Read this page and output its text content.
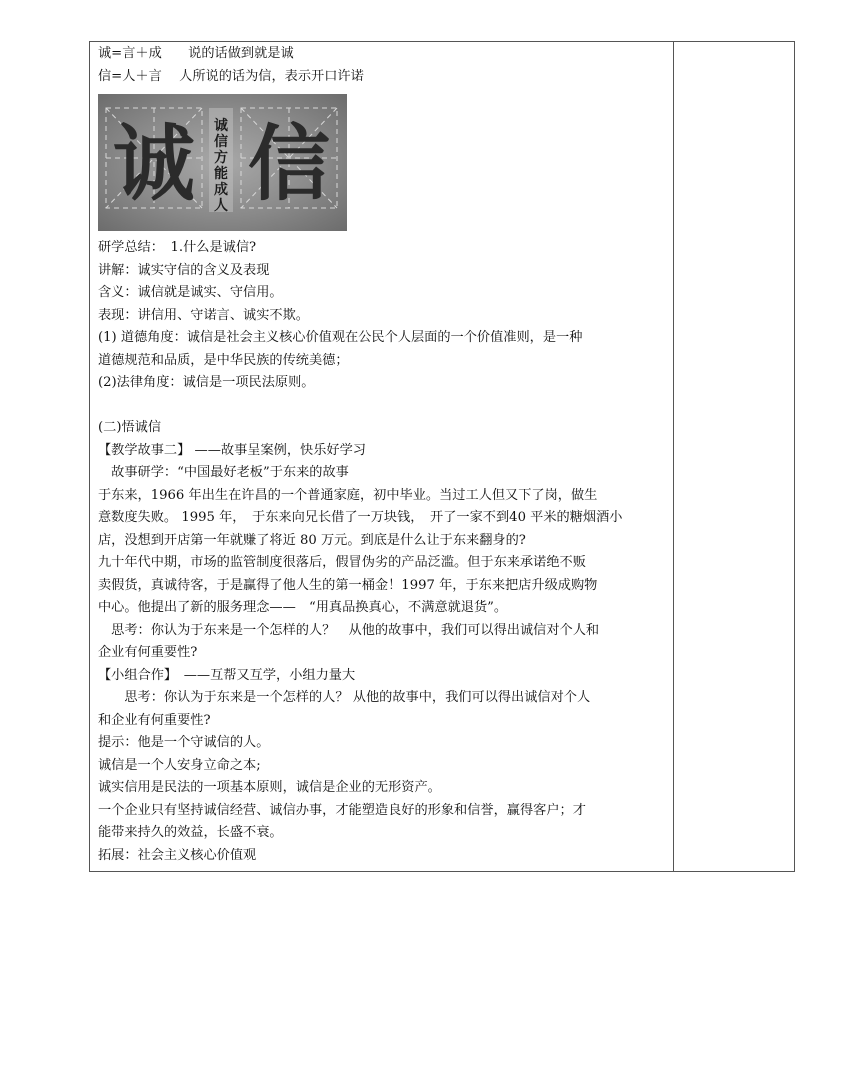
诚=言＋成　　说的话做到就是诚
信=人＋言　 人所说的话为信，表示开口许诺
诚 信
诚
信
方
能
成
人
研学总结：　1.什么是诚信?
讲解：诚实守信的含义及表现
含义：诚信就是诚实、守信用。
表现：讲信用、守诺言、诚实不欺。
(1) 道德角度：诚信是社会主义核心价值观在公民个人层面的一个价值准则，是一种
道德规范和品质，是中华民族的传统美德；
(2)法律角度：诚信是一项民法原则。
(二)悟诚信
【教学故事二】 ——故事呈案例，快乐好学习
　故事研学：“中国最好老板”于东来的故事
于东来，1966 年出生在许昌的一个普通家庭，初中毕业。当过工人但又下了岗，做生
意数度失败。 1995 年，　于东来向兄长借了一万块钱，　开了一家不到40 平米的糖烟酒小
店，没想到开店第一年就赚了将近 80 万元。到底是什么让于东来翻身的?
九十年代中期，市场的监管制度很落后，假冒伪劣的产品泛滥。但于东来承诺绝不贩
卖假货，真诚待客，于是赢得了他人生的第一桶金！1997 年，于东来把店升级成购物
中心。他提出了新的服务理念——　“用真品换真心，不满意就退货”。
　思考：你认为于东来是一个怎样的人？　从他的故事中，我们可以得出诚信对个人和
企业有何重要性?
【小组合作】　——互帮又互学，小组力量大
　　思考：你认为于东来是一个怎样的人？ 从他的故事中，我们可以得出诚信对个人
和企业有何重要性?
提示：他是一个守诚信的人。
诚信是一个人安身立命之本;
诚实信用是民法的一项基本原则，诚信是企业的无形资产。
一个企业只有坚持诚信经营、诚信办事，才能塑造良好的形象和信誉，赢得客户；才
能带来持久的效益，长盛不衰。
拓展：社会主义核心价值观
